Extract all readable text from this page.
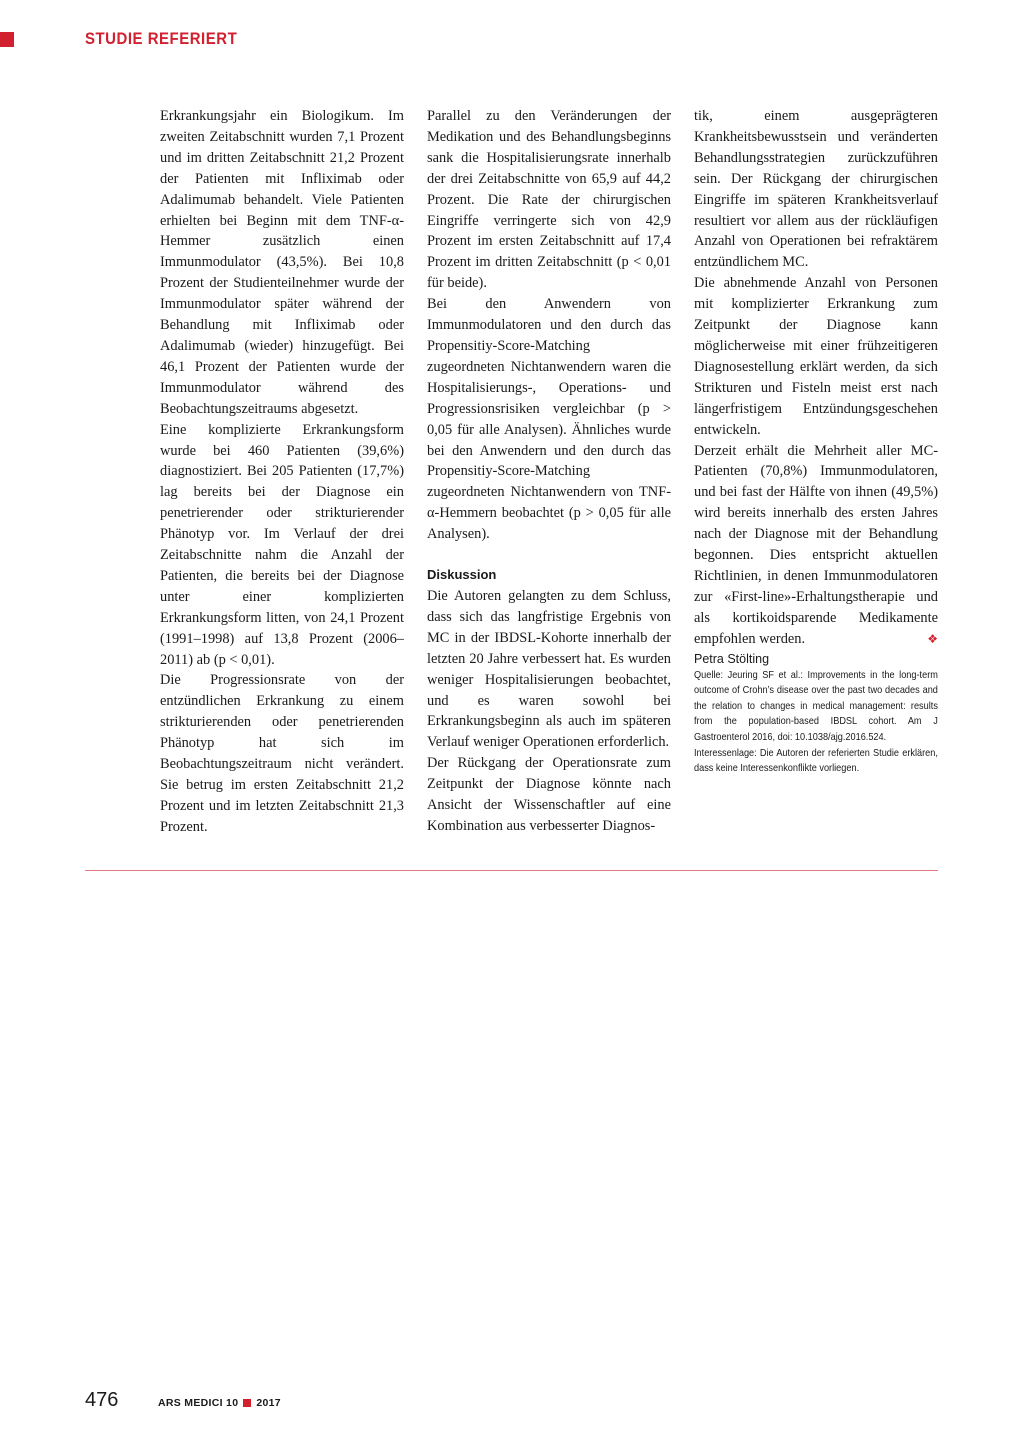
STUDIE REFERIERT

Erkrankungsjahr ein Biologikum. Im zweiten Zeitabschnitt wurden 7,1 Prozent und im dritten Zeitabschnitt 21,2 Prozent der Patienten mit Infliximab oder Adalimumab behandelt. Viele Patienten erhielten bei Beginn mit dem TNF-α-Hemmer zusätzlich einen Immunmodulator (43,5%). Bei 10,8 Prozent der Studienteilnehmer wurde der Immunmodulator später während der Behandlung mit Infliximab oder Adalimumab (wieder) hinzugefügt. Bei 46,1 Prozent der Patienten wurde der Immunmodulator während des Beobachtungszeitraums abgesetzt.

Eine komplizierte Erkrankungsform wurde bei 460 Patienten (39,6%) diagnostiziert. Bei 205 Patienten (17,7%) lag bereits bei der Diagnose ein penetrierender oder strikturierender Phänotyp vor. Im Verlauf der drei Zeitabschnitte nahm die Anzahl der Patienten, die bereits bei der Diagnose unter einer komplizierten Erkrankungsform litten, von 24,1 Prozent (1991–1998) auf 13,8 Prozent (2006–2011) ab (p < 0,01).

Die Progressionsrate von der entzündlichen Erkrankung zu einem strikturierenden oder penetrierenden Phänotyp hat sich im Beobachtungszeitraum nicht verändert. Sie betrug im ersten Zeitabschnitt 21,2 Prozent und im letzten Zeitabschnitt 21,3 Prozent.

Parallel zu den Veränderungen der Medikation und des Behandlungsbeginns sank die Hospitalisierungsrate innerhalb der drei Zeitabschnitte von 65,9 auf 44,2 Prozent. Die Rate der chirurgischen Eingriffe verringerte sich von 42,9 Prozent im ersten Zeitabschnitt auf 17,4 Prozent im dritten Zeitabschnitt (p < 0,01 für beide).

Bei den Anwendern von Immunmodulatoren und den durch das Propensitiy-Score-Matching zugeordneten Nichtanwendern waren die Hospitalisierungs-, Operations- und Progressionsrisiken vergleichbar (p > 0,05 für alle Analysen). Ähnliches wurde bei den Anwendern und den durch das Propensitiy-Score-Matching zugeordneten Nichtanwendern von TNF-α-Hemmern beobachtet (p > 0,05 für alle Analysen).

Diskussion

Die Autoren gelangten zu dem Schluss, dass sich das langfristige Ergebnis von MC in der IBDSL-Kohorte innerhalb der letzten 20 Jahre verbessert hat. Es wurden weniger Hospitalisierungen beobachtet, und es waren sowohl bei Erkrankungsbeginn als auch im späteren Verlauf weniger Operationen erforderlich.

Der Rückgang der Operationsrate zum Zeitpunkt der Diagnose könnte nach Ansicht der Wissenschaftler auf eine Kombination aus verbesserter Diagnos-

tik, einem ausgeprägteren Krankheitsbewusstsein und veränderten Behandlungsstrategien zurückzuführen sein. Der Rückgang der chirurgischen Eingriffe im späteren Krankheitsverlauf resultiert vor allem aus der rückläufigen Anzahl von Operationen bei refraktärem entzündlichem MC.

Die abnehmende Anzahl von Personen mit komplizierter Erkrankung zum Zeitpunkt der Diagnose kann möglicherweise mit einer frühzeitigeren Diagnosestellung erklärt werden, da sich Strikturen und Fisteln meist erst nach längerfristigem Entzündungsgeschehen entwickeln.

Derzeit erhält die Mehrheit aller MC-Patienten (70,8%) Immunmodulatoren, und bei fast der Hälfte von ihnen (49,5%) wird bereits innerhalb des ersten Jahres nach der Diagnose mit der Behandlung begonnen. Dies entspricht aktuellen Richtlinien, in denen Immunmodulatoren zur «First-line»-Erhaltungstherapie und als kortikoidsparende Medikamente empfohlen werden.	❖

Petra Stölting

Quelle: Jeuring SF et al.: Improvements in the long-term outcome of Crohn’s disease over the past two decades and the relation to changes in medical management: results from the population-based IBDSL cohort. Am J Gastroenterol 2016, doi: 10.1038/ajg.2016.524.

Interessenlage: Die Autoren der referierten Studie erklären, dass keine Interessenkonflikte vorliegen.

476	ARS MEDICI 10 2017
